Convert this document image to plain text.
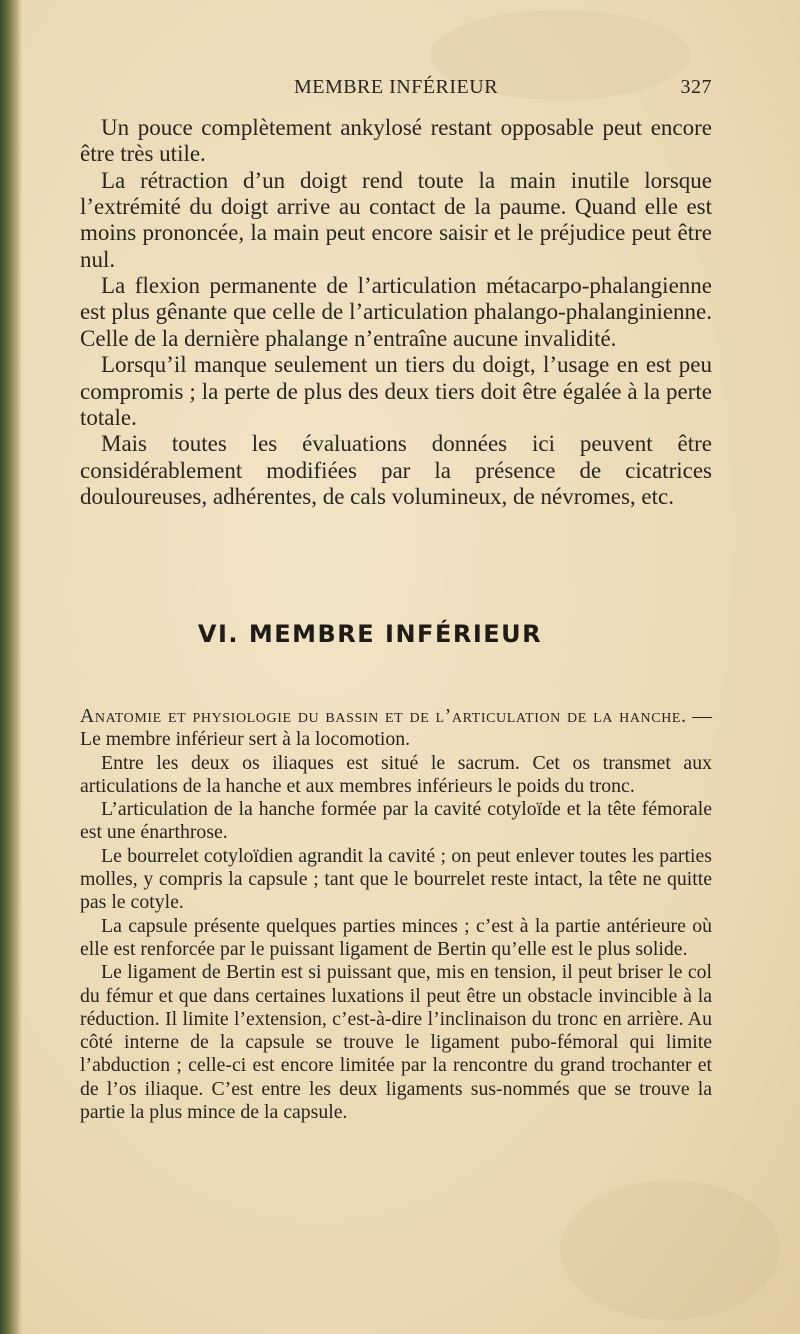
MEMBRE INFÉRIEUR	327

Un pouce complètement ankylosé restant opposable peut encore être très utile.

La rétraction d’un doigt rend toute la main inutile lorsque l’extrémité du doigt arrive au contact de la paume. Quand elle est moins prononcée, la main peut encore saisir et le préjudice peut être nul.

La flexion permanente de l’articulation métacarpo-phalangienne est plus gênante que celle de l’articulation phalango-phalanginienne. Celle de la dernière phalange n’entraîne aucune invalidité.

Lorsqu’il manque seulement un tiers du doigt, l’usage en est peu compromis ; la perte de plus des deux tiers doit être égalée à la perte totale.

Mais toutes les évaluations données ici peuvent être considérablement modifiées par la présence de cicatrices douloureuses, adhérentes, de cals volumineux, de névromes, etc.

VI. MEMBRE INFÉRIEUR

Anatomie et physiologie du bassin et de l’articulation de la hanche. — Le membre inférieur sert à la locomotion.

Entre les deux os iliaques est situé le sacrum. Cet os transmet aux articulations de la hanche et aux membres inférieurs le poids du tronc.

L’articulation de la hanche formée par la cavité cotyloïde et la tête fémorale est une énarthrose.

Le bourrelet cotyloïdien agrandit la cavité ; on peut enlever toutes les parties molles, y compris la capsule ; tant que le bourrelet reste intact, la tête ne quitte pas le cotyle.

La capsule présente quelques parties minces ; c’est à la partie antérieure où elle est renforcée par le puissant ligament de Bertin qu’elle est le plus solide.

Le ligament de Bertin est si puissant que, mis en tension, il peut briser le col du fémur et que dans certaines luxations il peut être un obstacle invincible à la réduction. Il limite l’extension, c’est-à-dire l’inclinaison du tronc en arrière. Au côté interne de la capsule se trouve le ligament pubo-fémoral qui limite l’abduction ; celle-ci est encore limitée par la rencontre du grand trochanter et de l’os iliaque. C’est entre les deux ligaments sus-nommés que se trouve la partie la plus mince de la capsule.
